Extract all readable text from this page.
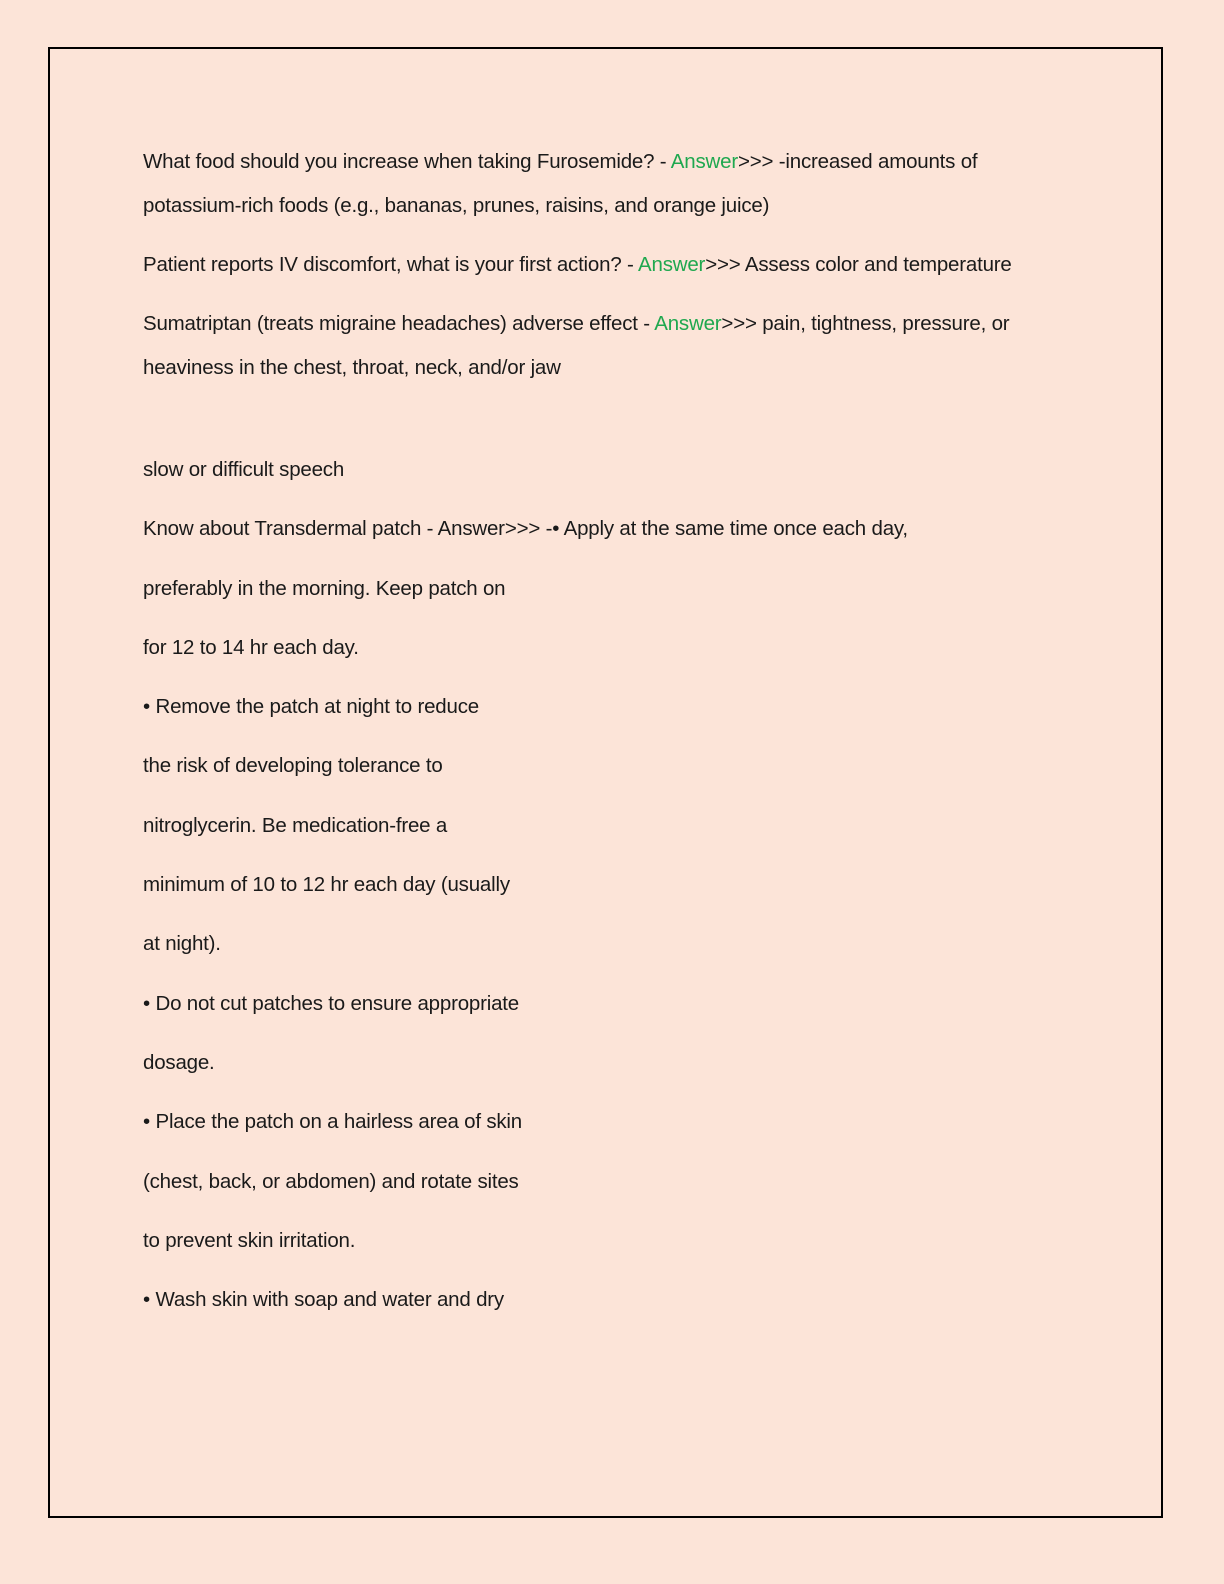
What food should you increase when taking Furosemide? - Answer>>> -increased amounts of potassium-rich foods (e.g., bananas, prunes, raisins, and orange juice)

Patient reports IV discomfort, what is your first action? - Answer>>> Assess color and temperature

Sumatriptan (treats migraine headaches) adverse effect - Answer>>> pain, tightness, pressure, or heaviness in the chest, throat, neck, and/or jaw

slow or difficult speech

Know about Transdermal patch - Answer>>> -• Apply at the same time once each day,

preferably in the morning. Keep patch on

for 12 to 14 hr each day.

• Remove the patch at night to reduce

the risk of developing tolerance to

nitroglycerin. Be medication-free a

minimum of 10 to 12 hr each day (usually

at night).

• Do not cut patches to ensure appropriate

dosage.

• Place the patch on a hairless area of skin

(chest, back, or abdomen) and rotate sites

to prevent skin irritation.

• Wash skin with soap and water and dry
